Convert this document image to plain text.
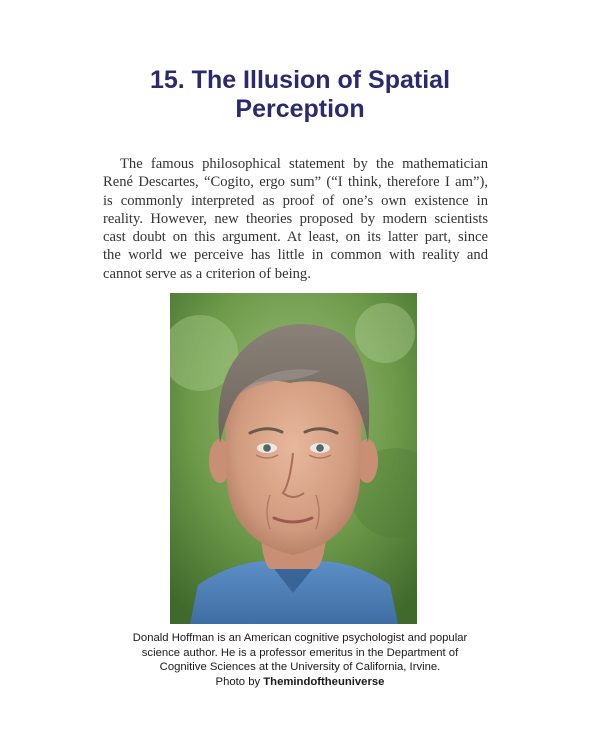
15. The Illusion of Spatial
Perception
The famous philosophical statement by the mathematician
René Descartes, “Cogito, ergo sum” (“I think, therefore I am”),
is commonly interpreted as proof of one’s own existence in
reality. However, new theories proposed by modern scientists
cast doubt on this argument. At least, on its latter part, since
the world we perceive has little in common with reality and
cannot serve as a criterion of being.
Donald Hoffman is an American cognitive psychologist and popular
science author. He is a professor emeritus in the Department of
Cognitive Sciences at the University of California, Irvine.
Photo by Themindoftheuniverse
